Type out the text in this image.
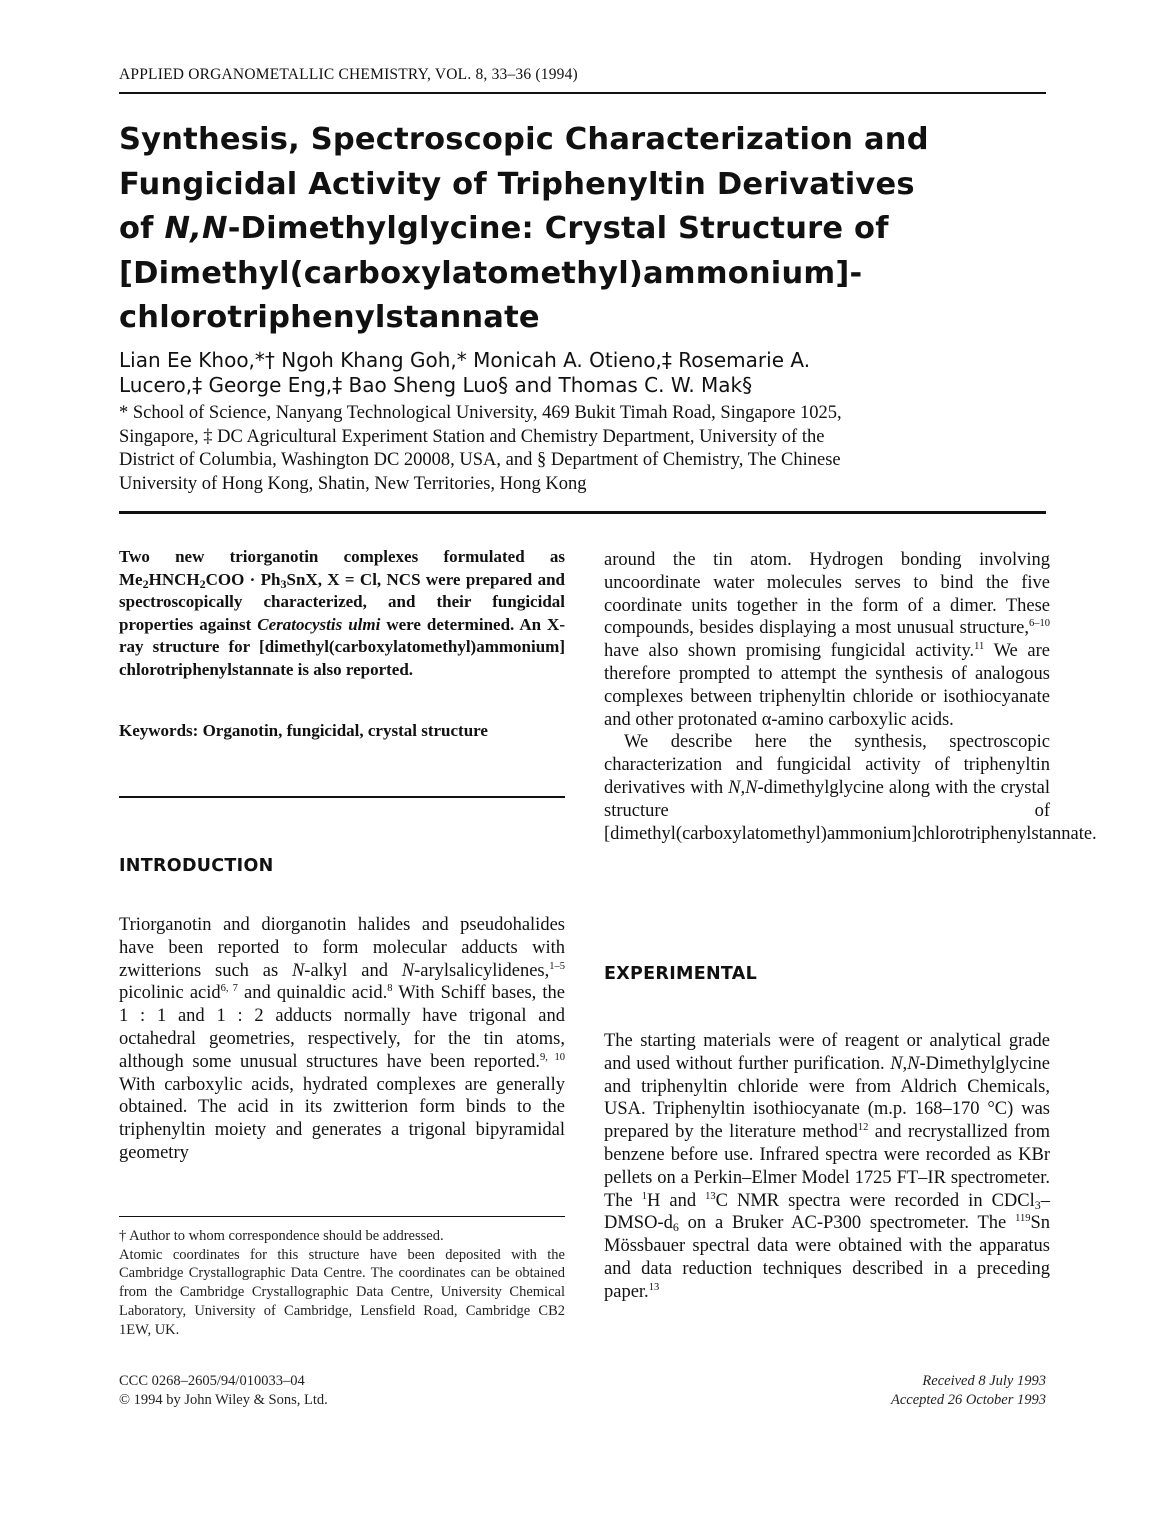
APPLIED ORGANOMETALLIC CHEMISTRY, VOL. 8, 33–36 (1994)

Synthesis, Spectroscopic Characterization and

Fungicidal Activity of Triphenyltin Derivatives

of N,N-Dimethylglycine: Crystal Structure of

[Dimethyl(carboxylatomethyl)ammonium]-

chlorotriphenylstannate

Lian Ee Khoo,*† Ngoh Khang Goh,* Monicah A. Otieno,‡ Rosemarie A.

Lucero,‡ George Eng,‡ Bao Sheng Luo§ and Thomas C. W. Mak§

* School of Science, Nanyang Technological University, 469 Bukit Timah Road, Singapore 1025,

Singapore, ‡ DC Agricultural Experiment Station and Chemistry Department, University of the

District of Columbia, Washington DC 20008, USA, and § Department of Chemistry, The Chinese

University of Hong Kong, Shatin, New Territories, Hong Kong

Two new triorganotin complexes formulated as $Me_2HNCH_2COO \cdot Ph_3SnX$, X = Cl, NCS were prepared and spectroscopically characterized, and their fungicidal properties against Ceratocystis ulmi were determined. An X-ray structure for [dimethyl(carboxylatomethyl)ammonium] chlorotriphenylstannate is also reported.

Keywords: Organotin, fungicidal, crystal structure

INTRODUCTION

Triorganotin and diorganotin halides and pseudohalides have been reported to form molecular adducts with zwitterions such as N-alkyl and N-arylsalicylidenes,$^{1-5}$ picolinic acid$^{6, 7}$ and quinaldic acid.$^8$ With Schiff bases, the 1 : 1 and 1 : 2 adducts normally have trigonal and octahedral geometries, respectively, for the tin atoms, although some unusual structures have been reported.$^{9, 10}$ With carboxylic acids, hydrated complexes are generally obtained. The acid in its zwitterion form binds to the triphenyltin moiety and generates a trigonal bipyramidal geometry

† Author to whom correspondence should be addressed.

Atomic coordinates for this structure have been deposited with the Cambridge Crystallographic Data Centre. The coordinates can be obtained from the Cambridge Crystallographic Data Centre, University Chemical Laboratory, University of Cambridge, Lensfield Road, Cambridge CB2 1EW, UK.

CCC 0268–2605/94/010033–04

© 1994 by John Wiley & Sons, Ltd.

around the tin atom. Hydrogen bonding involving uncoordinate water molecules serves to bind the five coordinate units together in the form of a dimer. These compounds, besides displaying a most unusual structure,$^{6-10}$ have also shown promising fungicidal activity.$^{11}$ We are therefore prompted to attempt the synthesis of analogous complexes between triphenyltin chloride or isothiocyanate and other protonated α-amino carboxylic acids.

We describe here the synthesis, spectroscopic characterization and fungicidal activity of triphenyltin derivatives with N,N-dimethylglycine along with the crystal structure of [dimethyl(carboxylatomethyl)ammonium]chlorotriphenylstannate.

EXPERIMENTAL

The starting materials were of reagent or analytical grade and used without further purification. N,N-Dimethylglycine and triphenyltin chloride were from Aldrich Chemicals, USA. Triphenyltin isothiocyanate (m.p. 168–170 °C) was prepared by the literature method$^{12}$ and recrystallized from benzene before use. Infrared spectra were recorded as KBr pellets on a Perkin–Elmer Model 1725 FT–IR spectrometer. The $^1$H and $^{13}$C NMR spectra were recorded in $CDCl_3-DMSO-d_6$ on a Bruker AC-P300 spectrometer. The $^{119}$Sn Mössbauer spectral data were obtained with the apparatus and data reduction techniques described in a preceding paper.$^{13}$

Received 8 July 1993

Accepted 26 October 1993
